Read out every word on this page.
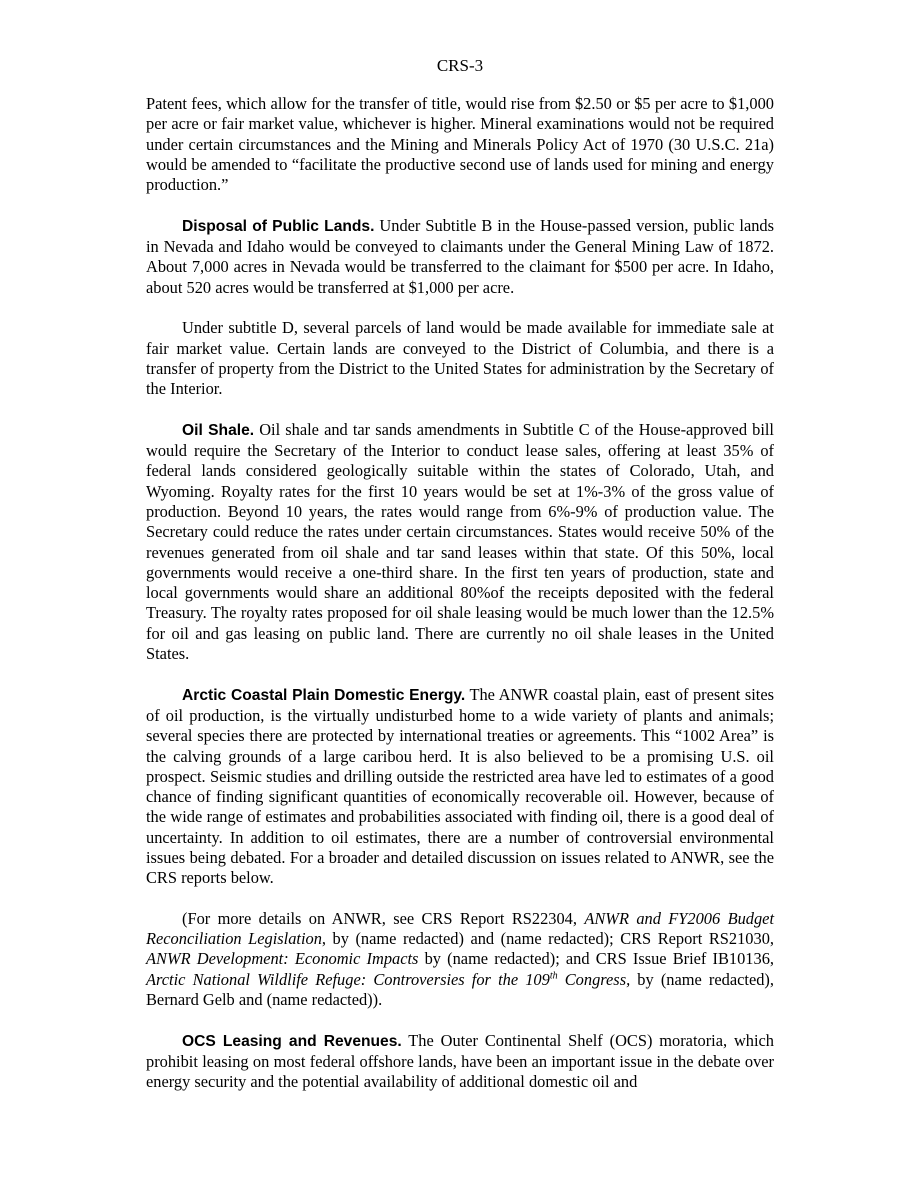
CRS-3

Patent fees, which allow for the transfer of title, would rise from $2.50 or $5 per acre to $1,000 per acre or fair market value, whichever is higher. Mineral examinations would not be required under certain circumstances and the Mining and Minerals Policy Act of 1970 (30 U.S.C. 21a) would be amended to “facilitate the productive second use of lands used for mining and energy production.”

Disposal of Public Lands. Under Subtitle B in the House-passed version, public lands in Nevada and Idaho would be conveyed to claimants under the General Mining Law of 1872. About 7,000 acres in Nevada would be transferred to the claimant for $500 per acre. In Idaho, about 520 acres would be transferred at $1,000 per acre.

Under subtitle D, several parcels of land would be made available for immediate sale at fair market value. Certain lands are conveyed to the District of Columbia, and there is a transfer of property from the District to the United States for administration by the Secretary of the Interior.

Oil Shale. Oil shale and tar sands amendments in Subtitle C of the House-approved bill would require the Secretary of the Interior to conduct lease sales, offering at least 35% of federal lands considered geologically suitable within the states of Colorado, Utah, and Wyoming. Royalty rates for the first 10 years would be set at 1%-3% of the gross value of production. Beyond 10 years, the rates would range from 6%-9% of production value. The Secretary could reduce the rates under certain circumstances. States would receive 50% of the revenues generated from oil shale and tar sand leases within that state. Of this 50%, local governments would receive a one-third share. In the first ten years of production, state and local governments would share an additional 80%of the receipts deposited with the federal Treasury. The royalty rates proposed for oil shale leasing would be much lower than the 12.5% for oil and gas leasing on public land. There are currently no oil shale leases in the United States.

Arctic Coastal Plain Domestic Energy. The ANWR coastal plain, east of present sites of oil production, is the virtually undisturbed home to a wide variety of plants and animals; several species there are protected by international treaties or agreements. This “1002 Area” is the calving grounds of a large caribou herd. It is also believed to be a promising U.S. oil prospect. Seismic studies and drilling outside the restricted area have led to estimates of a good chance of finding significant quantities of economically recoverable oil. However, because of the wide range of estimates and probabilities associated with finding oil, there is a good deal of uncertainty. In addition to oil estimates, there are a number of controversial environmental issues being debated. For a broader and detailed discussion on issues related to ANWR, see the CRS reports below.

(For more details on ANWR, see CRS Report RS22304, ANWR and FY2006 Budget Reconciliation Legislation, by (name redacted) and (name redacted); CRS Report RS21030, ANWR Development: Economic Impacts by (name redacted); and CRS Issue Brief IB10136, Arctic National Wildlife Refuge: Controversies for the 109th Congress, by (name redacted), Bernard Gelb and (name redacted)).

OCS Leasing and Revenues. The Outer Continental Shelf (OCS) moratoria, which prohibit leasing on most federal offshore lands, have been an important issue in the debate over energy security and the potential availability of additional domestic oil and
